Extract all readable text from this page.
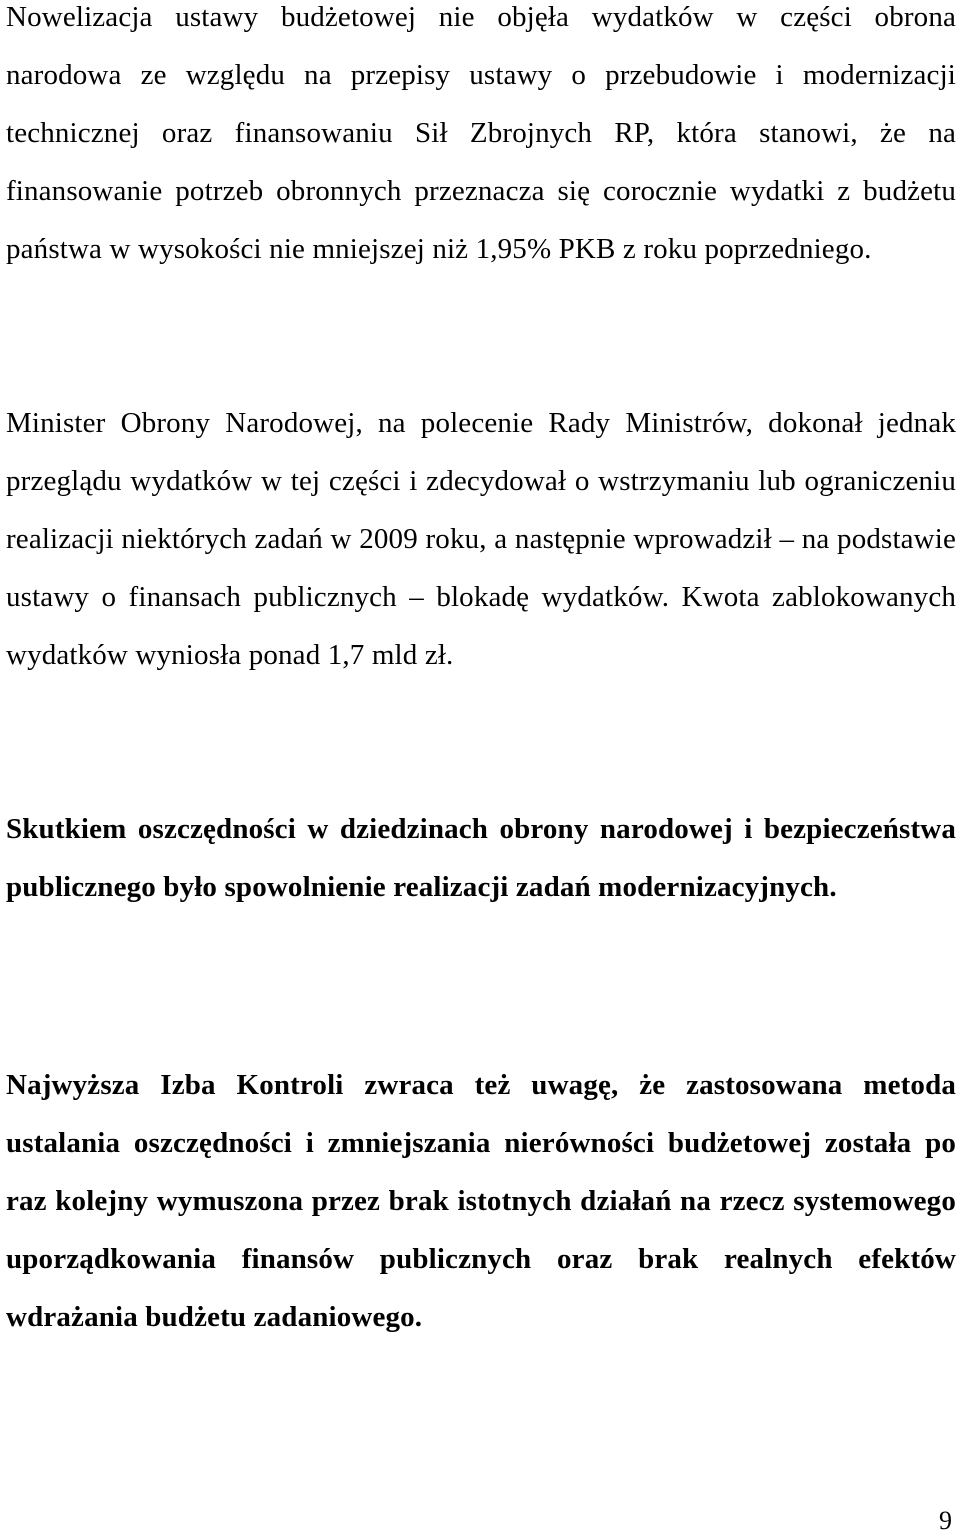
Nowelizacja ustawy budżetowej nie objęła wydatków w części obrona narodowa ze względu na przepisy ustawy o przebudowie i modernizacji technicznej oraz finansowaniu Sił Zbrojnych RP, która stanowi, że na finansowanie potrzeb obronnych przeznacza się corocznie wydatki z budżetu państwa w wysokości nie mniejszej niż 1,95% PKB z roku poprzedniego.

Minister Obrony Narodowej, na polecenie Rady Ministrów, dokonał jednak przeglądu wydatków w tej części i zdecydował o wstrzymaniu lub ograniczeniu realizacji niektórych zadań w 2009 roku, a następnie wprowadził – na podstawie ustawy o finansach publicznych – blokadę wydatków. Kwota zablokowanych wydatków wyniosła ponad 1,7 mld zł.

Skutkiem oszczędności w dziedzinach obrony narodowej i bezpieczeństwa publicznego było spowolnienie realizacji zadań modernizacyjnych.

Najwyższa Izba Kontroli zwraca też uwagę, że zastosowana metoda ustalania oszczędności i zmniejszania nierówności budżetowej została po raz kolejny wymuszona przez brak istotnych działań na rzecz systemowego uporządkowania finansów publicznych oraz brak realnych efektów wdrażania budżetu zadaniowego.

9
